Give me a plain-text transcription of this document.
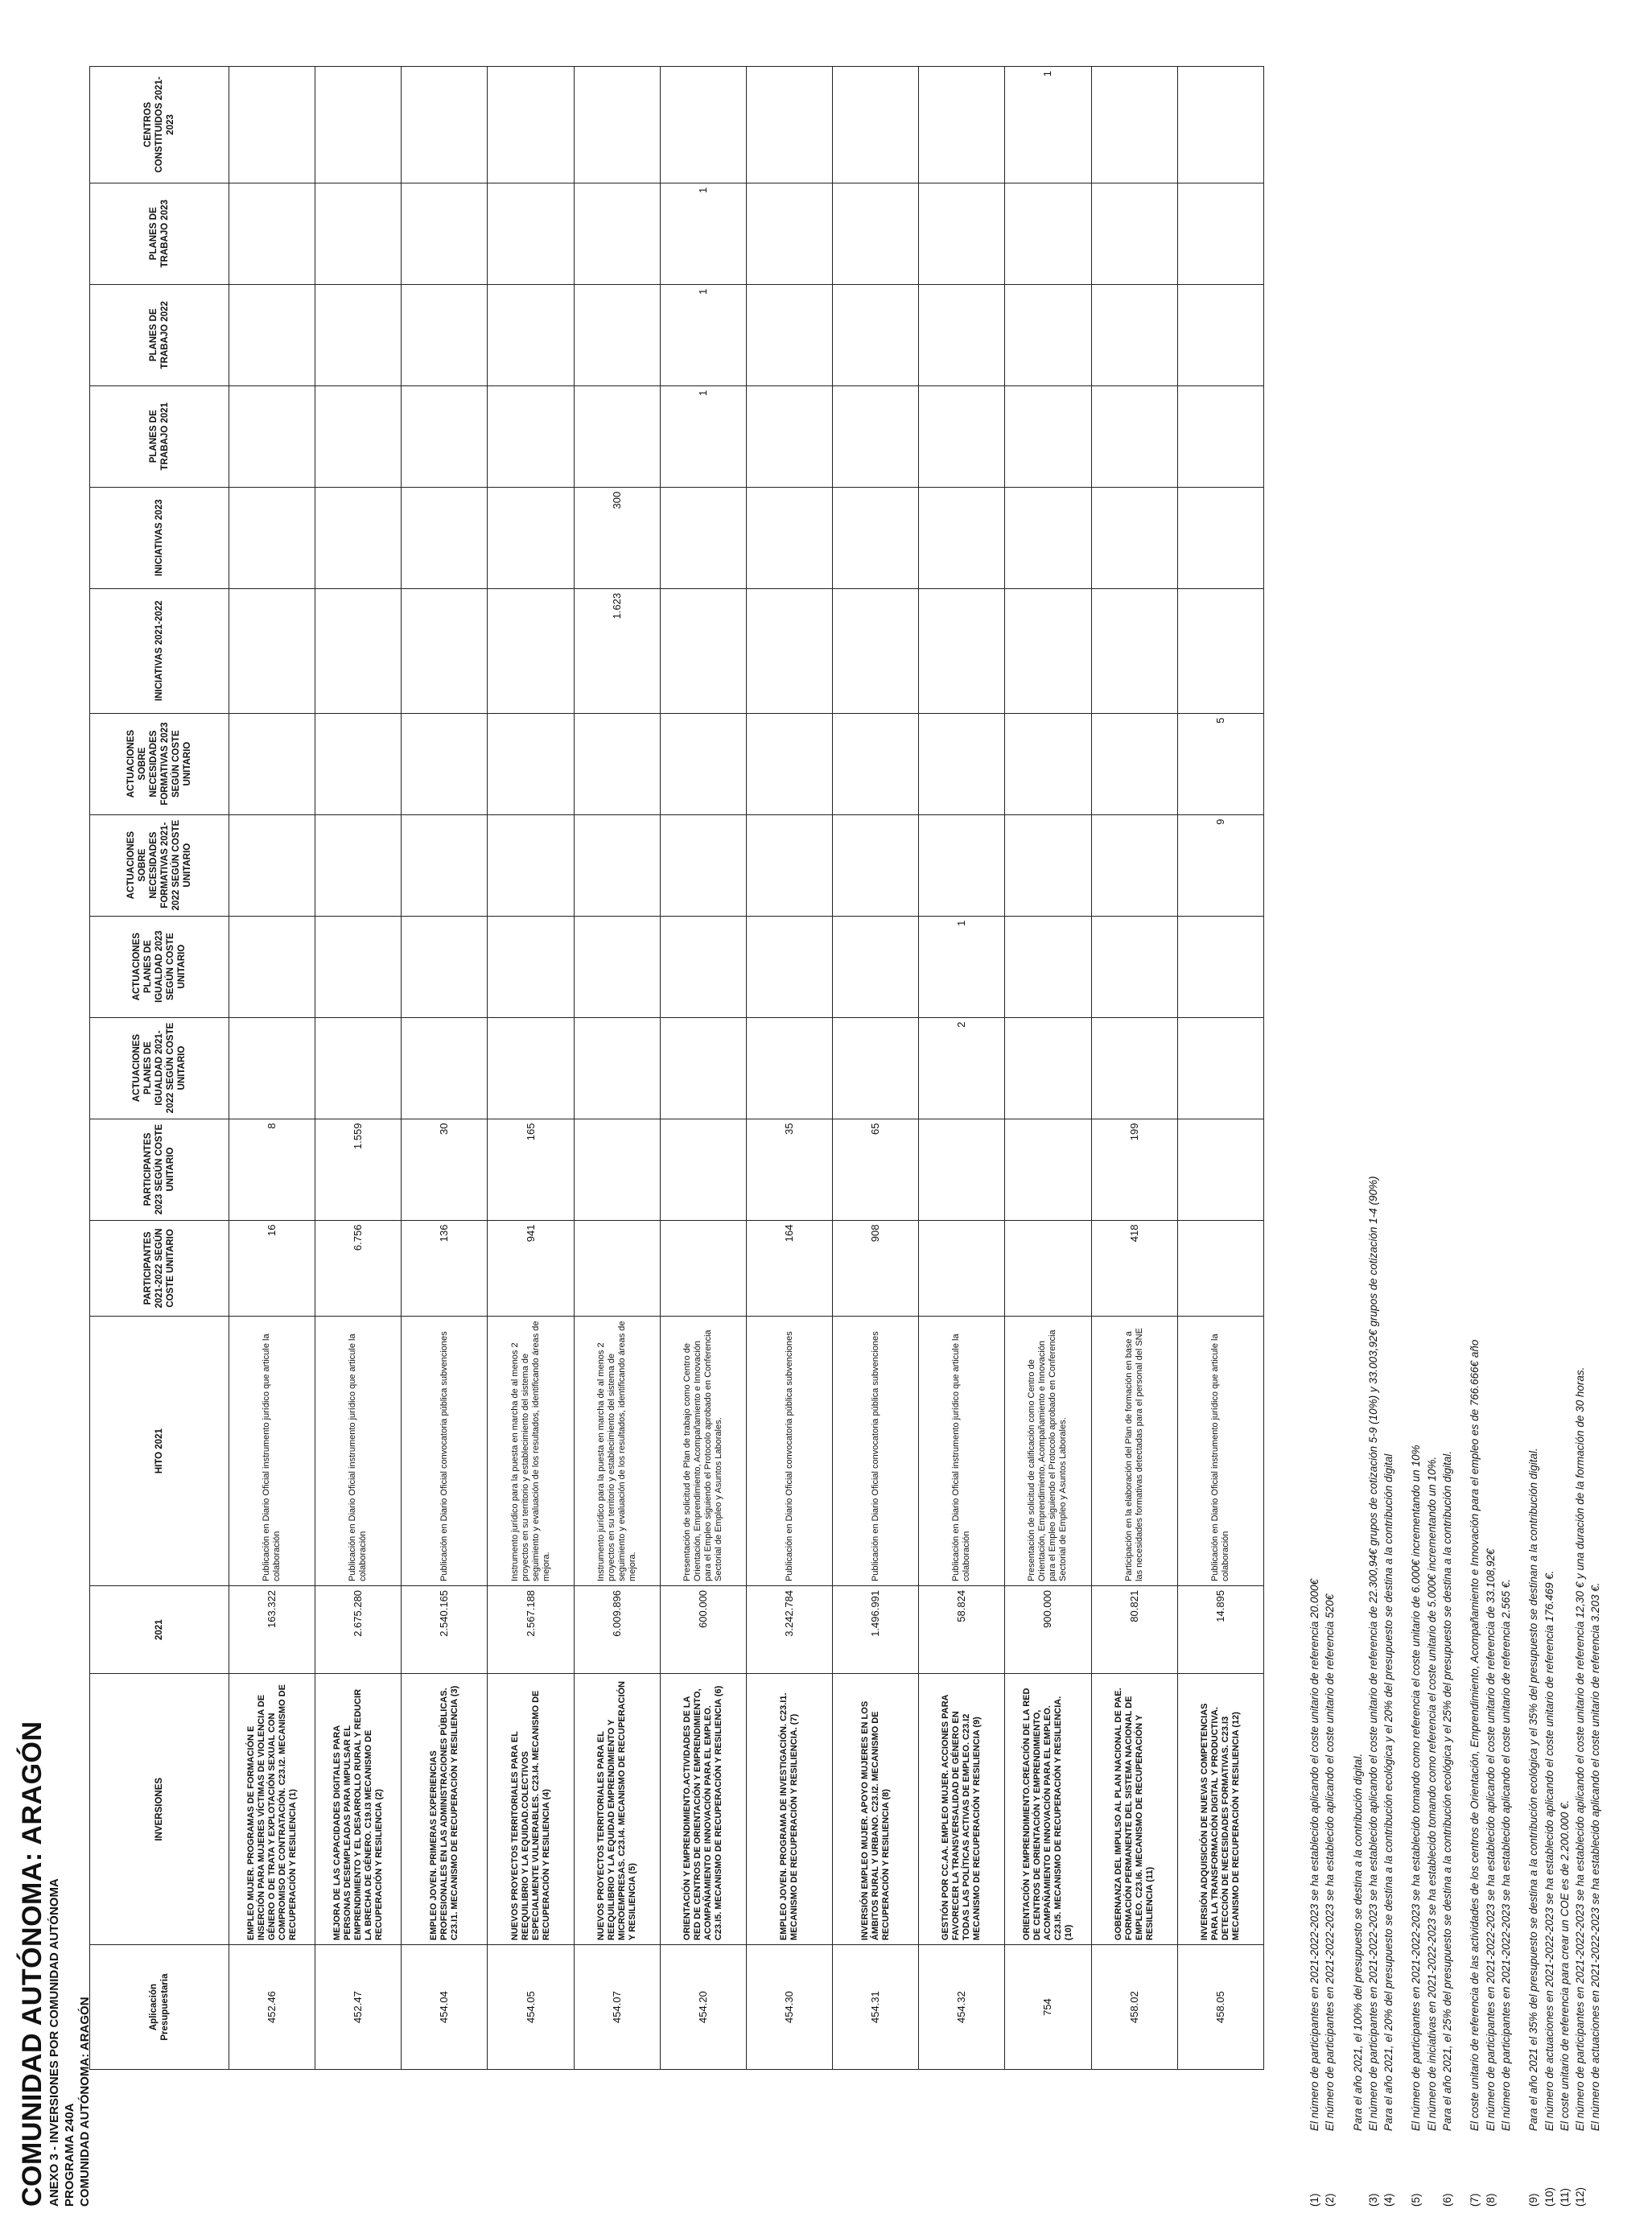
COMUNIDAD AUTÓNOMA: ARAGÓN ANEXO 3 - INVERSIONES POR COMUNIDAD AUTÓNOMA PROGRAMA 240A COMUNIDAD AUTÓNOMA: ARAGÓN	Aplicación Presupuestaria	INVERSIONES	2021	HITO 2021	PARTICIPANTES 2021-2022 SEGÚN COSTE UNITARIO	PARTICIPANTES 2023 SEGÚN COSTE UNITARIO	ACTUACIONES PLANES DE IGUALDAD 2021-2022 SEGÚN COSTE UNITARIO	ACTUACIONES PLANES DE IGUALDAD 2023 SEGÚN COSTE UNITARIO	ACTUACIONES SOBRE NECESIDADES FORMATIVAS 2021-2022 SEGÚN COSTE UNITARIO	ACTUACIONES SOBRE NECESIDADES FORMATIVAS 2023 SEGÚN COSTE UNITARIO	INICIATIVAS 2021-2022	INICIATIVAS 2023	PLANES DE TRABAJO 2021	PLANES DE TRABAJO 2022	PLANES DE TRABAJO 2023	CENTROS CONSTITUIDOS 2021-2023
452.46	EMPLEO MUJER. PROGRAMAS DE FORMACIÓN E INSERCIÓN PARA MUJERES VÍCTIMAS DE VIOLENCIA DE GÉNERO O DE TRATA Y EXPLOTACIÓN SEXUAL CON COMPROMISO DE CONTRATACIÓN. C23.I2. MECANISMO DE RECUPERACIÓN Y RESILIENCIA (1)	163.322	Publicación en Diario Oficial instrumento jurídico que articule la colaboración	16	8										
452.47	MEJORA DE LAS CAPACIDADES DIGITALES PARA PERSONAS DESEMPLEADAS PARA IMPULSAR EL EMPRENDIMIENTO Y EL DESARROLLO RURAL Y REDUCIR LA BRECHA DE GÉNERO. C19.I3 MECANISMO DE RECUPERACIÓN Y RESILIENCIA (2)	2.675.280	Publicación en Diario Oficial instrumento jurídico que articule la colaboración	6.756	1.559										
454.04	EMPLEO JOVEN. PRIMERAS EXPERIENCIAS PROFESIONALES EN LAS ADMINISTRACIONES PÚBLICAS. C23.I1. MECANISMO DE RECUPERACIÓN Y RESILIENCIA (3)	2.540.165	Publicación en Diario Oficial convocatoria pública subvenciones	136	30										
454.05	NUEVOS PROYECTOS TERRITORIALES PARA EL REEQUILIBRIO Y LA EQUIDAD.COLECTIVOS ESPECIALMENTE VULNERABLES. C23.I4. MECANISMO DE RECUPERACIÓN Y RESILIENCIA (4)	2.567.188	Instrumento jurídico para la puesta en marcha de al menos 2 proyectos en su territorio y establecimiento del sistema de seguimiento y evaluación de los resultados, identificando áreas de mejora.	941	165										
454.07	NUEVOS PROYECTOS TERRITORIALES PARA EL REEQUILIBRIO Y LA EQUIDAD EMPRENDIMIENTO Y MICROEMPRESAS. C23.I4. MECANISMO DE RECUPERACIÓN Y RESILIENCIA (5)	6.009.896	Instrumento jurídico para la puesta en marcha de al menos 2 proyectos en su territorio y establecimiento del sistema de seguimiento y evaluación de los resultados, identificando áreas de mejora.							1.623	300				
454.20	ORIENTACIÓN Y EMPRENDIMIENTO.ACTIVIDADES DE LA RED DE CENTROS DE ORIENTACIÓN Y EMPRENDIMIENTO, ACOMPAÑAMIENTO E INNOVACIÓN PARA EL EMPLEO. C23.I5. MECANISMO DE RECUPERACIÓN Y RESILIENCIA (6)	600.000	Presentación de solicitud de Plan de trabajo como Centro de Orientación, Emprendimiento, Acompañamiento e Innovación para el Empleo siguiendo el Protocolo aprobado en Conferencia Sectorial de Empleo y Asuntos Laborales.									1	1	1	
454.30	EMPLEO JOVEN. PROGRAMA DE INVESTIGACIÓN. C23.I1. MECANISMO DE RECUPERACIÓN Y RESILIENCIA. (7)	3.242.784	Publicación en Diario Oficial convocatoria pública subvenciones	164	35										
454.31	INVERSIÓN EMPLEO MUJER. APOYO MUJERES EN LOS ÁMBITOS RURAL Y URBANO. C23.I2. MECANISMO DE RECUPERACIÓN Y RESILIENCIA (8)	1.496.991	Publicación en Diario Oficial convocatoria pública subvenciones	908	65										
454.32	GESTIÓN POR CC.AA. EMPLEO MUJER. ACCIONES PARA FAVORECER LA TRANSVERSALIDAD DE GÉNERO EN TODAS LAS POLÍTICAS ACTIVAS DE EMPLEO. C23.I2 MECANISMO DE RECUPERACIÓN Y RESILIENCIA (9)	58.824	Publicación en Diario Oficial instrumento jurídico que articule la colaboración			2	1								
754	ORIENTACIÓN Y EMPRENDIMIENTO.CREACIÓN DE LA RED DE CENTROS DE ORIENTACIÓN Y EMPRENDIMIENTO, ACOMPAÑAMIENTO E INNOVACIÓN PARA EL EMPLEO. C23.I5. MECANISMO DE RECUPERACIÓN Y RESILIENCIA. (10)	900.000	Presentación de solicitud de calificación como Centro de Orientación, Emprendimiento, Acompañamiento e Innovación para el Empleo siguiendo el Protocolo aprobado en Conferencia Sectorial de Empleo y Asuntos Laborales.												1
458.02	GOBERNANZA DEL IMPULSO AL PLAN NACIONAL DE PAE. FORMACIÓN PERMANENTE DEL SISTEMA NACIONAL DE EMPLEO. C23.I6. MECANISMO DE RECUPERACIÓN Y RESILIENCIA (11)	80.821	Participación en la elaboración del Plan de formación en base a las necesidades formativas detectadas para el personal del SNE	418	199										
458.05	INVERSIÓN ADQUISICIÓN DE NUEVAS COMPETENCIAS PARA LA TRANSFORMACIÓN DIGITAL Y PRODUCTIVA. DETECCIÓN DE NECESIDADES FORMATIVAS. C23.I3 MECANISMO DE RECUPERACIÓN Y RESILIENCIA (12)	14.895	Publicación en Diario Oficial instrumento jurídico que articule la colaboración					9	5						
(1)
El número de participantes en 2021-2022-2023 se ha establecido aplicando el coste unitario de referencia 20.000€
(2)
El número de participantes en 2021-2022-2023 se ha establecido aplicando el coste unitario de referencia 520€ Para el año 2021, el 100% del presupuesto se destina a la contribución digital.
(3)
El número de participantes en 2021-2022-2023 se ha establecido aplicando el coste unitario de referencia de 22.300,94€ grupos de cotización 5-9 (10%) y 33.003,92€ grupos de cotización 1-4 (90%)
(4)
Para el año 2021, el 20% del presupuesto se destina a la contribución ecológica y el 20% del presupuesto se destina a la contribución digital
(5)
El número de participantes en 2021-2022-2023 se ha establecido tomando como referencia el coste unitario de 6.000€ incrementando un 10% El número de iniciativas en 2021-2022-2023 se ha establecido tomando como referencia el coste unitario de 5.000€ incrementando un 10%.
(6)
Para el año 2021, el 25% del presupuesto se destina a la contribución ecológica y el 25% del presupuesto se destina a la contribución digital.
(7)
El coste unitario de referencia de las actividades de los centros de Orientación, Emprendimiento, Acompañamiento e Innovación para el empleo es de 766.666€ año
(8)
El número de participantes en 2021-2022-2023 se ha establecido aplicando el coste unitario de referencia de 33.108,92€ El número de participantes en 2021-2022-2023 se ha establecido aplicando el coste unitario de referencia 2.565 €.
(9)
Para el año 2021 el 35% del presupuesto se destina a la contribución ecológica y el 35% del presupuesto se destinan a la contribución digital.
(10)
El número de actuaciones en 2021-2022-2023 se ha establecido aplicando el coste unitario de referencia 176.469 €.
(11)
El coste unitario de referencia para crear un COE es de 2.200.000 €.
(12)
El número de participantes en 2021-2022-2023 se ha establecido aplicando el coste unitario de referencia 12,30 € y una duración de la formación de 30 horas. El número de actuaciones en 2021-2022-2023 se ha establecido aplicando el coste unitario de referencia 3.203 €.
